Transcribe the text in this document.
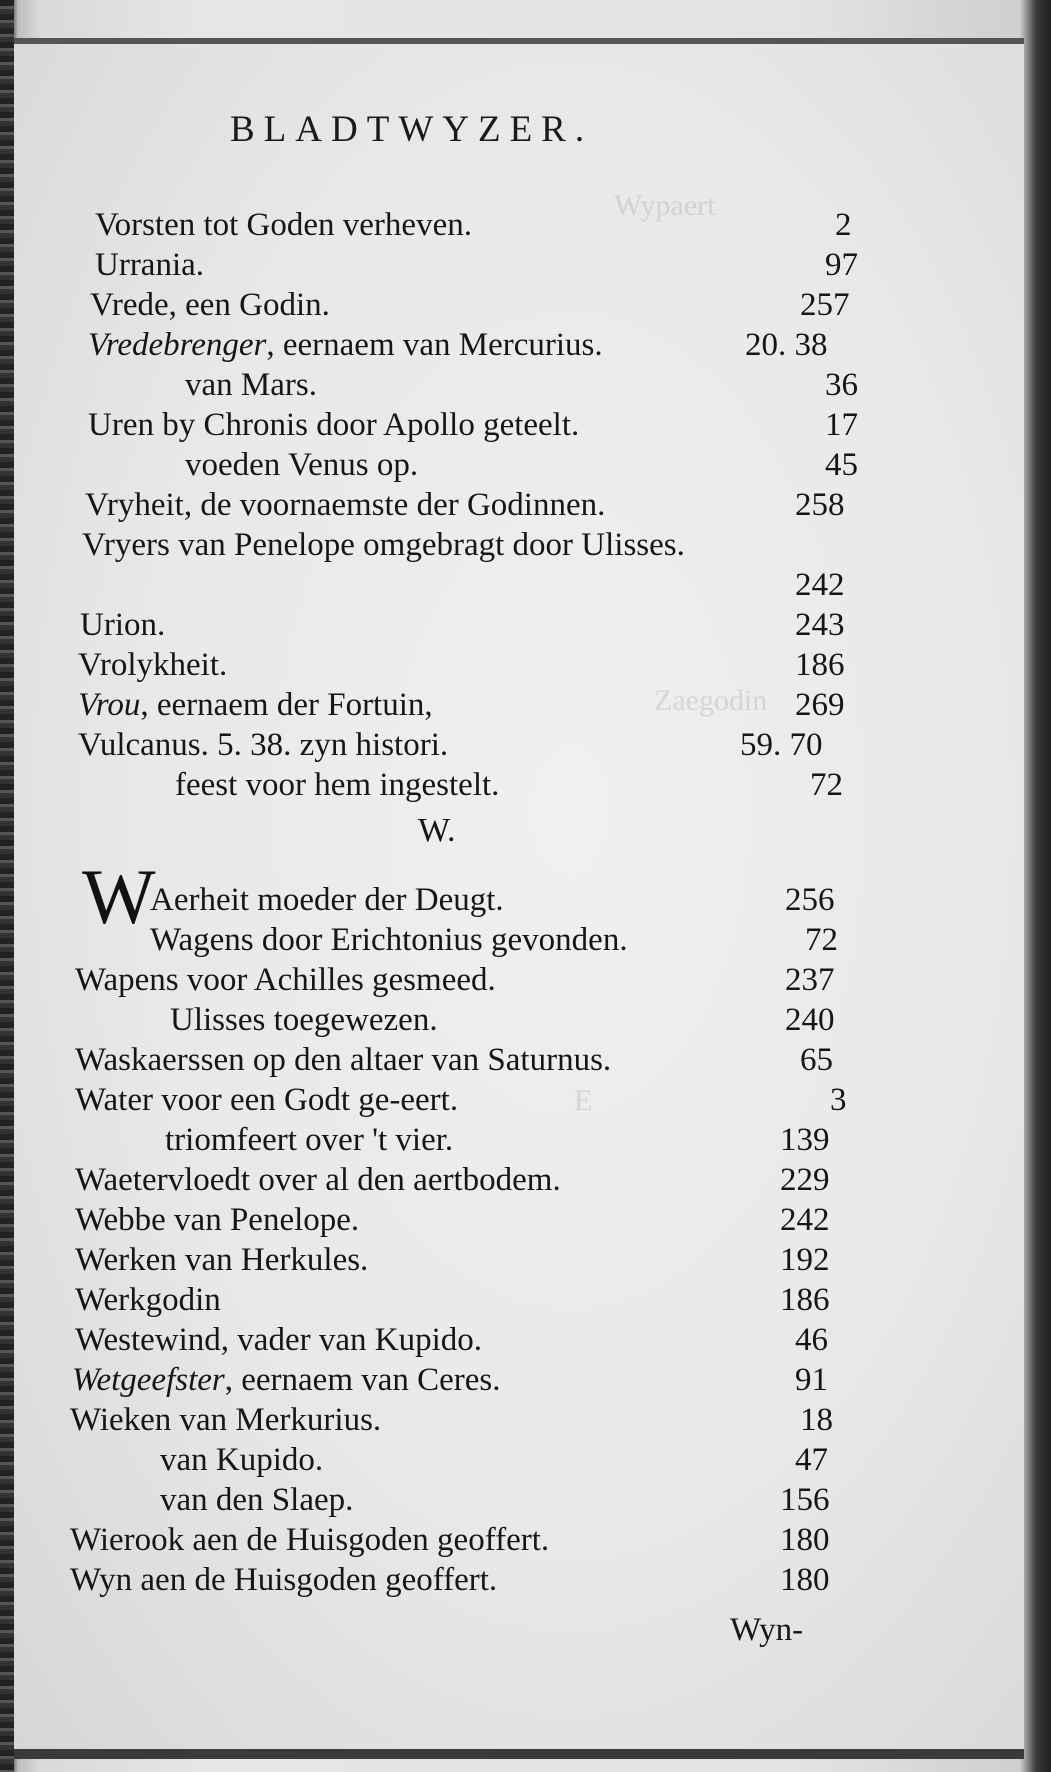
Wypaert
Zaegodin
E
BLADTWYZER.
Vorsten tot Goden verheven.	2
Urrania.	97
Vrede, een Godin.	257
Vredebrenger, eernaem van Mercurius.	20. 38
van Mars.	36
Uren by Chronis door Apollo geteelt.	17
voeden Venus op.	45
Vryheit, de voornaemste der Godinnen.	258
Vryers van Penelope omgebragt door Ulisses.
242
Urion.	243
Vrolykheit.	186
Vrou, eernaem der Fortuin,	269
Vulcanus. 5. 38. zyn histori.	59. 70
feest voor hem ingestelt.	72
Aerheit moeder der Deugt.	256
Wagens door Erichtonius gevonden.	72
Wapens voor Achilles gesmeed.	237
Ulisses toegewezen.	240
Waskaerssen op den altaer van Saturnus.	65
Water voor een Godt ge-eert.	3
triomfeert over 't vier.	139
Waetervloedt over al den aertbodem.	229
Webbe van Penelope.	242
Werken van Herkules.	192
Werkgodin	186
Westewind, vader van Kupido.	46
Wetgeefster, eernaem van Ceres.	91
Wieken van Merkurius.	18
van Kupido.	47
van den Slaep.	156
Wierook aen de Huisgoden geoffert.	180
Wyn aen de Huisgoden geoffert.	180
W.
W
Wyn-
